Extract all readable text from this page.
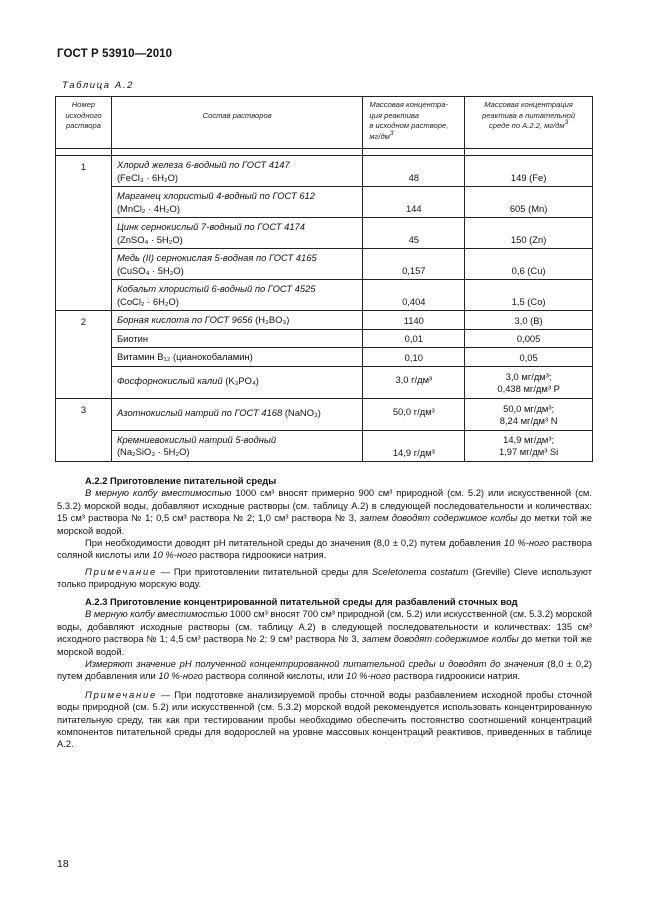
ГОСТ Р 53910—2010
Таблица А.2
Номер исходного раствора	Состав растворов	Массовая концентра-
ция реактива
в исходном растворе,
$мг/дм^3$	Массовая концентрация
реактива в питательной
среде по А.2.2, $мг/дм^3$

1	Хлорид железа 6-водный по ГОСТ 4147
(FeCl₃ · 6H₂O)	48	149 (Fe)
	Марганец хлористый 4-водный по ГОСТ 612
(MnCl₂ · 4H₂O)	144	605 (Mn)
	Цинк сернокислый 7-водный по ГОСТ 4174
(ZnSO₄ · 5H₂O)	45	150 (Zn)
	Медь (II) сернокислая 5-водная по ГОСТ 4165
(CuSO₄ · 5H₂O)	0,157	0,6 (Cu)
	Кобальт хлористый 6-водный по ГОСТ 4525
(CoCl₂ · 6H₂O)	0,404	1,5 (Co)
2	Борная кислота по ГОСТ 9656 (H₃BO₃)	1140	3,0 (B)
	Биотин	0,01	0,005
	Витамин B₁₂ (цианокобаламин)	0,10	0,05
	Фосфорнокислый калий (K₃PO₄)	3,0 г/дм³	3,0 мг/дм³;
0,438 мг/дм³ P
3	Азотнокислый натрий по ГОСТ 4168 (NaNO₃)	50,0 г/дм³	50,0 мг/дм³;
8,24 мг/дм³ N
	Кремниевокислый натрий 5-водный
(Na₂SiO₃ · 5H₂O)	14,9 г/дм³	14,9 мг/дм³;
1,97 мг/дм³ Si

А.2.2 Приготовление питательной среды

В мерную колбу вместимостью 1000 см³ вносят примерно 900 см³ природной (см. 5.2) или искусственной (см. 5.3.2) морской воды, добавляют исходные растворы (см. таблицу А.2) в следующей последовательности и количествах: 15 см³ раствора № 1; 0,5 см³ раствора № 2; 1,0 см³ раствора № 3, затем доводят содержимое колбы до метки той же морской водой.

При необходимости доводят pH питательной среды до значения (8,0 ± 0,2) путем добавления 10 %-ного раствора соляной кислоты или 10 %-ного раствора гидроокиси натрия.

Примечание — При приготовлении питательной среды для Sceletonema costatum (Greville) Cleve используют только природную морскую воду.

А.2.3 Приготовление концентрированной питательной среды для разбавлений сточных вод

В мерную колбу вместимостью 1000 см³ вносят 700 см³ природной (см. 5.2) или искусственной (см. 5.3.2) морской воды, добавляют исходные растворы (см. таблицу А.2) в следующей последовательности и количествах: 135 см³ исходного раствора № 1; 4,5 см³ раствора № 2; 9 см³ раствора № 3, затем доводят содержимое колбы до метки той же морской водой.

Измеряют значение pH полученной концентрированной питательной среды и доводят до значения (8,0 ± 0,2) путем добавления или 10 %-ного раствора соляной кислоты, или 10 %-ного раствора гидроокиси натрия.

Примечание — При подготовке анализируемой пробы сточной воды разбавлением исходной пробы сточной воды природной (см. 5.2) или искусственной (см. 5.3.2) морской водой рекомендуется использовать концентрированную питательную среду, так как при тестировании пробы необходимо обеспечить постоянство соотношений концентраций компонентов питательной среды для водорослей на уровне массовых концентраций реактивов, приведенных в таблице А.2.

18
